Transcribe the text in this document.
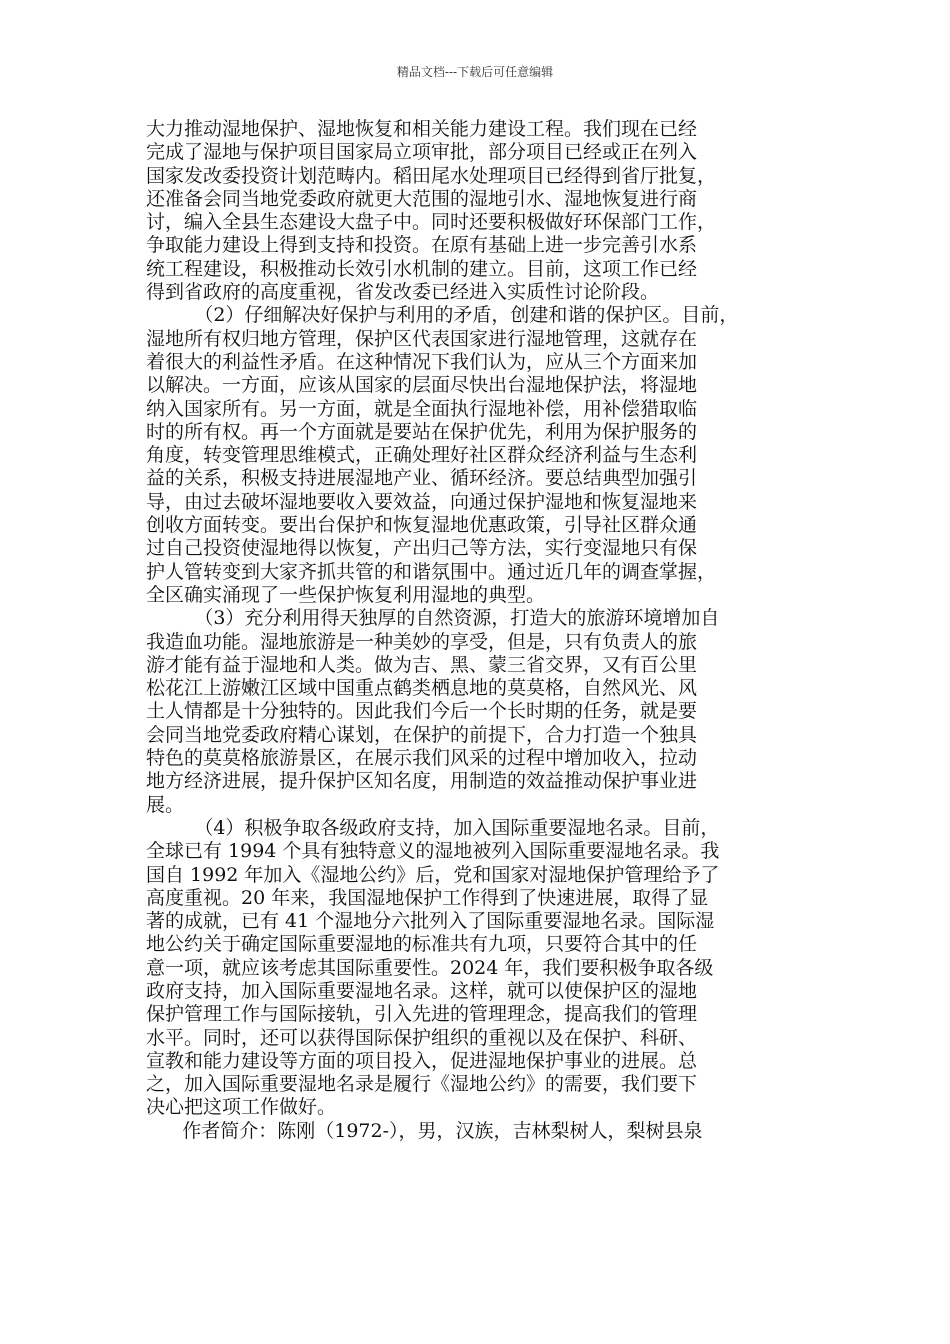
精品文档---下载后可任意编辑
大力推动湿地保护、湿地恢复和相关能力建设工程。我们现在已经
完成了湿地与保护项目国家局立项审批，部分项目已经或正在列入
国家发改委投资计划范畴内。稻田尾水处理项目已经得到省厅批复，
还准备会同当地党委政府就更大范围的湿地引水、湿地恢复进行商
讨，编入全县生态建设大盘子中。同时还要积极做好环保部门工作，
争取能力建设上得到支持和投资。在原有基础上进一步完善引水系
统工程建设，积极推动长效引水机制的建立。目前，这项工作已经
得到省政府的高度重视，省发改委已经进入实质性讨论阶段。
（2）仔细解决好保护与利用的矛盾，创建和谐的保护区。目前，
湿地所有权归地方管理，保护区代表国家进行湿地管理，这就存在
着很大的利益性矛盾。在这种情况下我们认为，应从三个方面来加
以解决。一方面，应该从国家的层面尽快出台湿地保护法，将湿地
纳入国家所有。另一方面，就是全面执行湿地补偿，用补偿猎取临
时的所有权。再一个方面就是要站在保护优先，利用为保护服务的
角度，转变管理思维模式，正确处理好社区群众经济利益与生态利
益的关系，积极支持进展湿地产业、循环经济。要总结典型加强引
导，由过去破坏湿地要收入要效益，向通过保护湿地和恢复湿地来
创收方面转变。要出台保护和恢复湿地优惠政策，引导社区群众通
过自己投资使湿地得以恢复，产出归己等方法，实行变湿地只有保
护人管转变到大家齐抓共管的和谐氛围中。通过近几年的调查掌握，
全区确实涌现了一些保护恢复利用湿地的典型。
（3）充分利用得天独厚的自然资源，打造大的旅游环境增加自
我造血功能。湿地旅游是一种美妙的享受，但是，只有负责人的旅
游才能有益于湿地和人类。做为吉、黑、蒙三省交界，又有百公里
松花江上游嫩江区域中国重点鹤类栖息地的莫莫格，自然风光、风
土人情都是十分独特的。因此我们今后一个长时期的任务，就是要
会同当地党委政府精心谋划，在保护的前提下，合力打造一个独具
特色的莫莫格旅游景区，在展示我们风采的过程中增加收入，拉动
地方经济进展，提升保护区知名度，用制造的效益推动保护事业进
展。
（4）积极争取各级政府支持，加入国际重要湿地名录。目前，
全球已有 1994 个具有独特意义的湿地被列入国际重要湿地名录。我
国自 1992 年加入《湿地公约》后，党和国家对湿地保护管理给予了
高度重视。20 年来，我国湿地保护工作得到了快速进展，取得了显
著的成就，已有 41 个湿地分六批列入了国际重要湿地名录。国际湿
地公约关于确定国际重要湿地的标准共有九项，只要符合其中的任
意一项，就应该考虑其国际重要性。2024 年，我们要积极争取各级
政府支持，加入国际重要湿地名录。这样，就可以使保护区的湿地
保护管理工作与国际接轨，引入先进的管理理念，提高我们的管理
水平。同时，还可以获得国际保护组织的重视以及在保护、科研、
宣教和能力建设等方面的项目投入，促进湿地保护事业的进展。总
之，加入国际重要湿地名录是履行《湿地公约》的需要，我们要下
决心把这项工作做好。
作者简介：陈刚（1972-），男，汉族，吉林梨树人，梨树县泉
